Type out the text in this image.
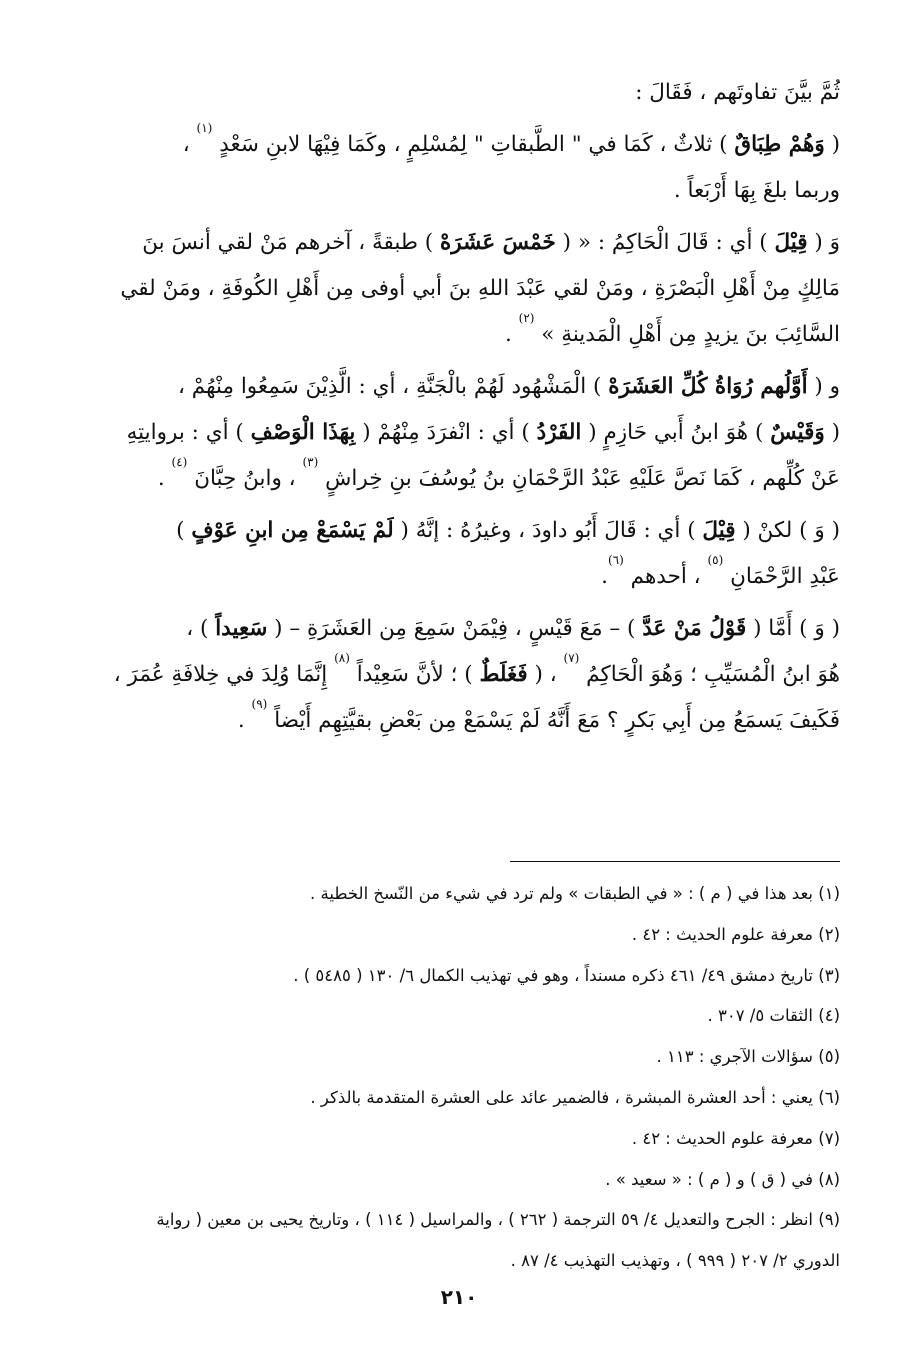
ثُمَّ بيَّنَ تفاوتَهم ، فَقَالَ :

( وَهُمْ طِبَاقٌ ) ثلاثٌ ، كَمَا في " الطَّبقاتِ " لِمُسْلِمٍ ، وكَمَا فِيْهَا لابنِ سَعْدٍ $^{(١)}$ ،
وربما بلغَ بِهَا أَرْبَعاً .

وَ ( قِيْلَ ) أي : قَالَ الْحَاكِمُ : « ( خَمْسَ عَشَرَهْ ) طبقةً ، آخرهم مَنْ لقي أنسَ بنَ
مَالِكٍ مِنْ أَهْلِ الْبَصْرَةِ ، ومَنْ لقي عَبْدَ اللهِ بنَ أبي أوفى مِن أَهْلِ الكُوفَةِ ، ومَنْ لقي
السَّائِبَ بنَ يزيدٍ مِن أَهْلِ الْمَدينةِ » $^{(٢)}$ .

و ( أَوَّلُهم رُوَاةُ كُلِّ العَشَرَهْ ) الْمَشْهُود لَهُمْ بالْجَنَّةِ ، أي : الَّذِيْنَ سَمِعُوا مِنْهُمْ ،
( وَقَيْسٌ ) هُوَ ابنُ أَبي حَازِمٍ ( الفَرْدُ ) أي : انْفرَدَ مِنْهُمْ ( بِهَذَا الْوَصْفِ ) أي : بروايتِهِ
عَنْ كُلِّهم ، كَمَا نَصَّ عَلَيْهِ عَبْدُ الرَّحْمَانِ بنُ يُوسُفَ بنِ خِراشٍ $^{(٣)}$ ، وابنُ حِبَّانَ $^{(٤)}$ .

( وَ ) لكنْ ( قِيْلَ ) أي : قَالَ أَبُو داودَ ، وغيرُهُ : إنَّهُ ( لَمْ يَسْمَعْ مِن ابنِ عَوْفٍ )
عَبْدِ الرَّحْمَانِ $^{(٥)}$ ، أحدهم $^{(٦)}$.

( وَ ) أَمَّا ( قَوْلُ مَنْ عَدَّ ) – مَعَ قَيْسٍ ، فِيْمَنْ سَمِعَ مِن العَشَرَةِ – ( سَعِيداً ) ،
هُوَ ابنُ الْمُسَيِّبِ ؛ وَهُوَ الْحَاكِمُ $^{(٧)}$ ، ( فَغَلَطٌ ) ؛ لأنَّ سَعِيْداً $^{(٨)}$ إِنَّمَا وُلِدَ في خِلافَةِ عُمَرَ ،
فَكَيفَ يَسمَعُ مِن أَبِي بَكرٍ ؟ مَعَ أَنَّهُ لَمْ يَسْمَعْ مِن بَعْضِ بقيَّتِهِم أَيْضاً $^{(٩)}$ .

(١) بعد هذا في ( م ) : « في الطبقات » ولم ترد في شيء من النّسخ الخطية .
(٢) معرفة علوم الحديث : ٤٢ .
(٣) تاريخ دمشق ٤٩/ ٤٦١ ذكره مسنداً ، وهو في تهذيب الكمال ٦/ ١٣٠ ( ٥٤٨٥ ) .
(٤) الثقات ٥/ ٣٠٧ .
(٥) سؤالات الآجري : ١١٣ .
(٦) يعني : أحد العشرة المبشرة ، فالضمير عائد على العشرة المتقدمة بالذكر .
(٧) معرفة علوم الحديث : ٤٢ .
(٨) في ( ق ) و ( م ) : « سعيد » .
(٩) انظر : الجرح والتعديل ٤/ ٥٩ الترجمة ( ٢٦٢ ) ، والمراسيل ( ١١٤ ) ، وتاريخ يحيى بن معين ( رواية
الدوري ٢/ ٢٠٧ ( ٩٩٩ ) ، وتهذيب التهذيب ٤/ ٨٧ .
٢١٠
